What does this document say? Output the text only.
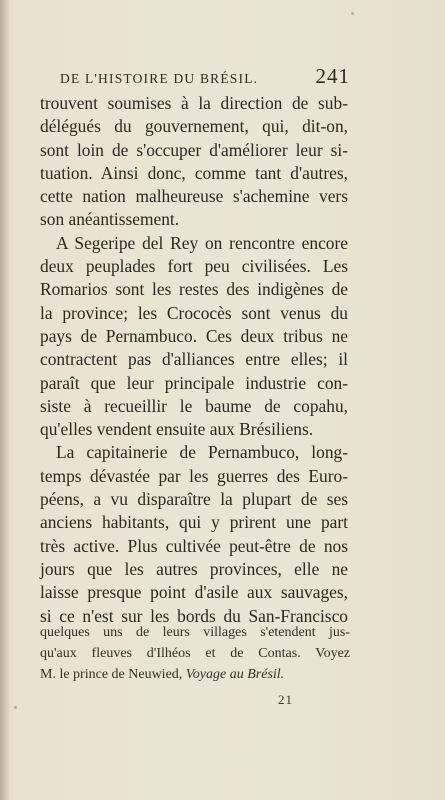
DE L'HISTOIRE DU BRÉSIL.	241
trouvent soumises à la direction de sub-
délégués du gouvernement, qui, dit-on,
sont loin de s'occuper d'améliorer leur si-
tuation. Ainsi donc, comme tant d'autres,
cette nation malheureuse s'achemine vers
son anéantissement.
A Segeripe del Rey on rencontre encore
deux peuplades fort peu civilisées. Les
Romarios sont les restes des indigènes de
la province; les Crococès sont venus du
pays de Pernambuco. Ces deux tribus ne
contractent pas d'alliances entre elles; il
paraît que leur principale industrie con-
siste à recueillir le baume de copahu,
qu'elles vendent ensuite aux Brésiliens.
La capitainerie de Pernambuco, long-
temps dévastée par les guerres des Euro-
péens, a vu disparaître la plupart de ses
anciens habitants, qui y prirent une part
très active. Plus cultivée peut-être de nos
jours que les autres provinces, elle ne
laisse presque point d'asile aux sauvages,
si ce n'est sur les bords du San-Francisco
quelques uns de leurs villages s'etendent jus-
qu'aux fleuves d'Ilhéos et de Contas. Voyez
M. le prince de Neuwied, Voyage au Brésil.
21
